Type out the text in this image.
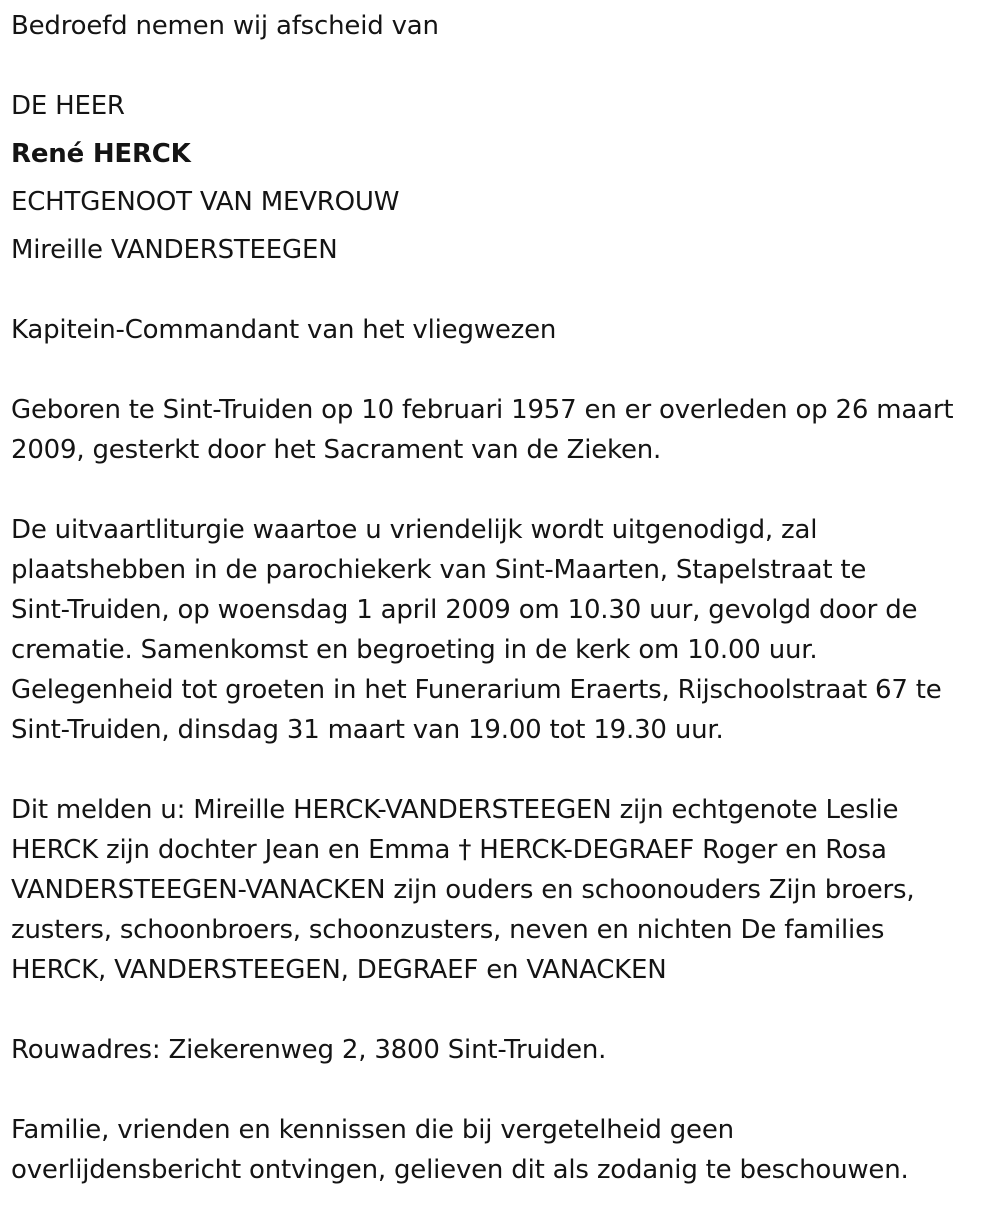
Bedroefd nemen wij afscheid van

DE HEER

René HERCK

ECHTGENOOT VAN MEVROUW

Mireille VANDERSTEEGEN

Kapitein-Commandant van het vliegwezen

Geboren te Sint-Truiden op 10 februari 1957 en er overleden op 26 maart

2009, gesterkt door het Sacrament van de Zieken.

De uitvaartliturgie waartoe u vriendelijk wordt uitgenodigd, zal

plaatshebben in de parochiekerk van Sint-Maarten, Stapelstraat te

Sint-Truiden, op woensdag 1 april 2009 om 10.30 uur, gevolgd door de

crematie. Samenkomst en begroeting in de kerk om 10.00 uur.

Gelegenheid tot groeten in het Funerarium Eraerts, Rijschoolstraat 67 te

Sint-Truiden, dinsdag 31 maart van 19.00 tot 19.30 uur.

Dit melden u: Mireille HERCK-VANDERSTEEGEN zijn echtgenote Leslie

HERCK zijn dochter Jean en Emma † HERCK-DEGRAEF Roger en Rosa

VANDERSTEEGEN-VANACKEN zijn ouders en schoonouders Zijn broers,

zusters, schoonbroers, schoonzusters, neven en nichten De families

HERCK, VANDERSTEEGEN, DEGRAEF en VANACKEN

Rouwadres: Ziekerenweg 2, 3800 Sint-Truiden.

Familie, vrienden en kennissen die bij vergetelheid geen

overlijdensbericht ontvingen, gelieven dit als zodanig te beschouwen.
